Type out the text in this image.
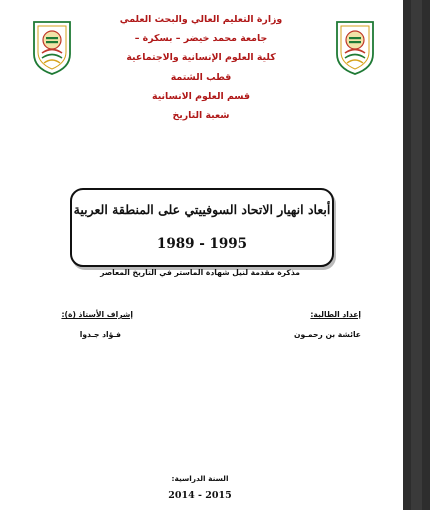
وزارة التعليم العالي والبحث العلمي
جامعة محمد خيضر – بسكرة –
كلية العلوم الإنسانية والاجتماعية
قطب الشتمة
قسم العلوم الانسانية
شعبة التاريخ
أبعاد انهيار الاتحاد السوفييتي على المنطقة العربية
1989 - 1995
مذكرة مقدمة لنيل شهادة الماستر في التاريخ المعاصر
إعداد الطالبة:
عائشة بن رحمـون
إشراف الأستاذ (ة):
فـؤاد جـدوا
السنة الدراسية:
2014 - 2015
